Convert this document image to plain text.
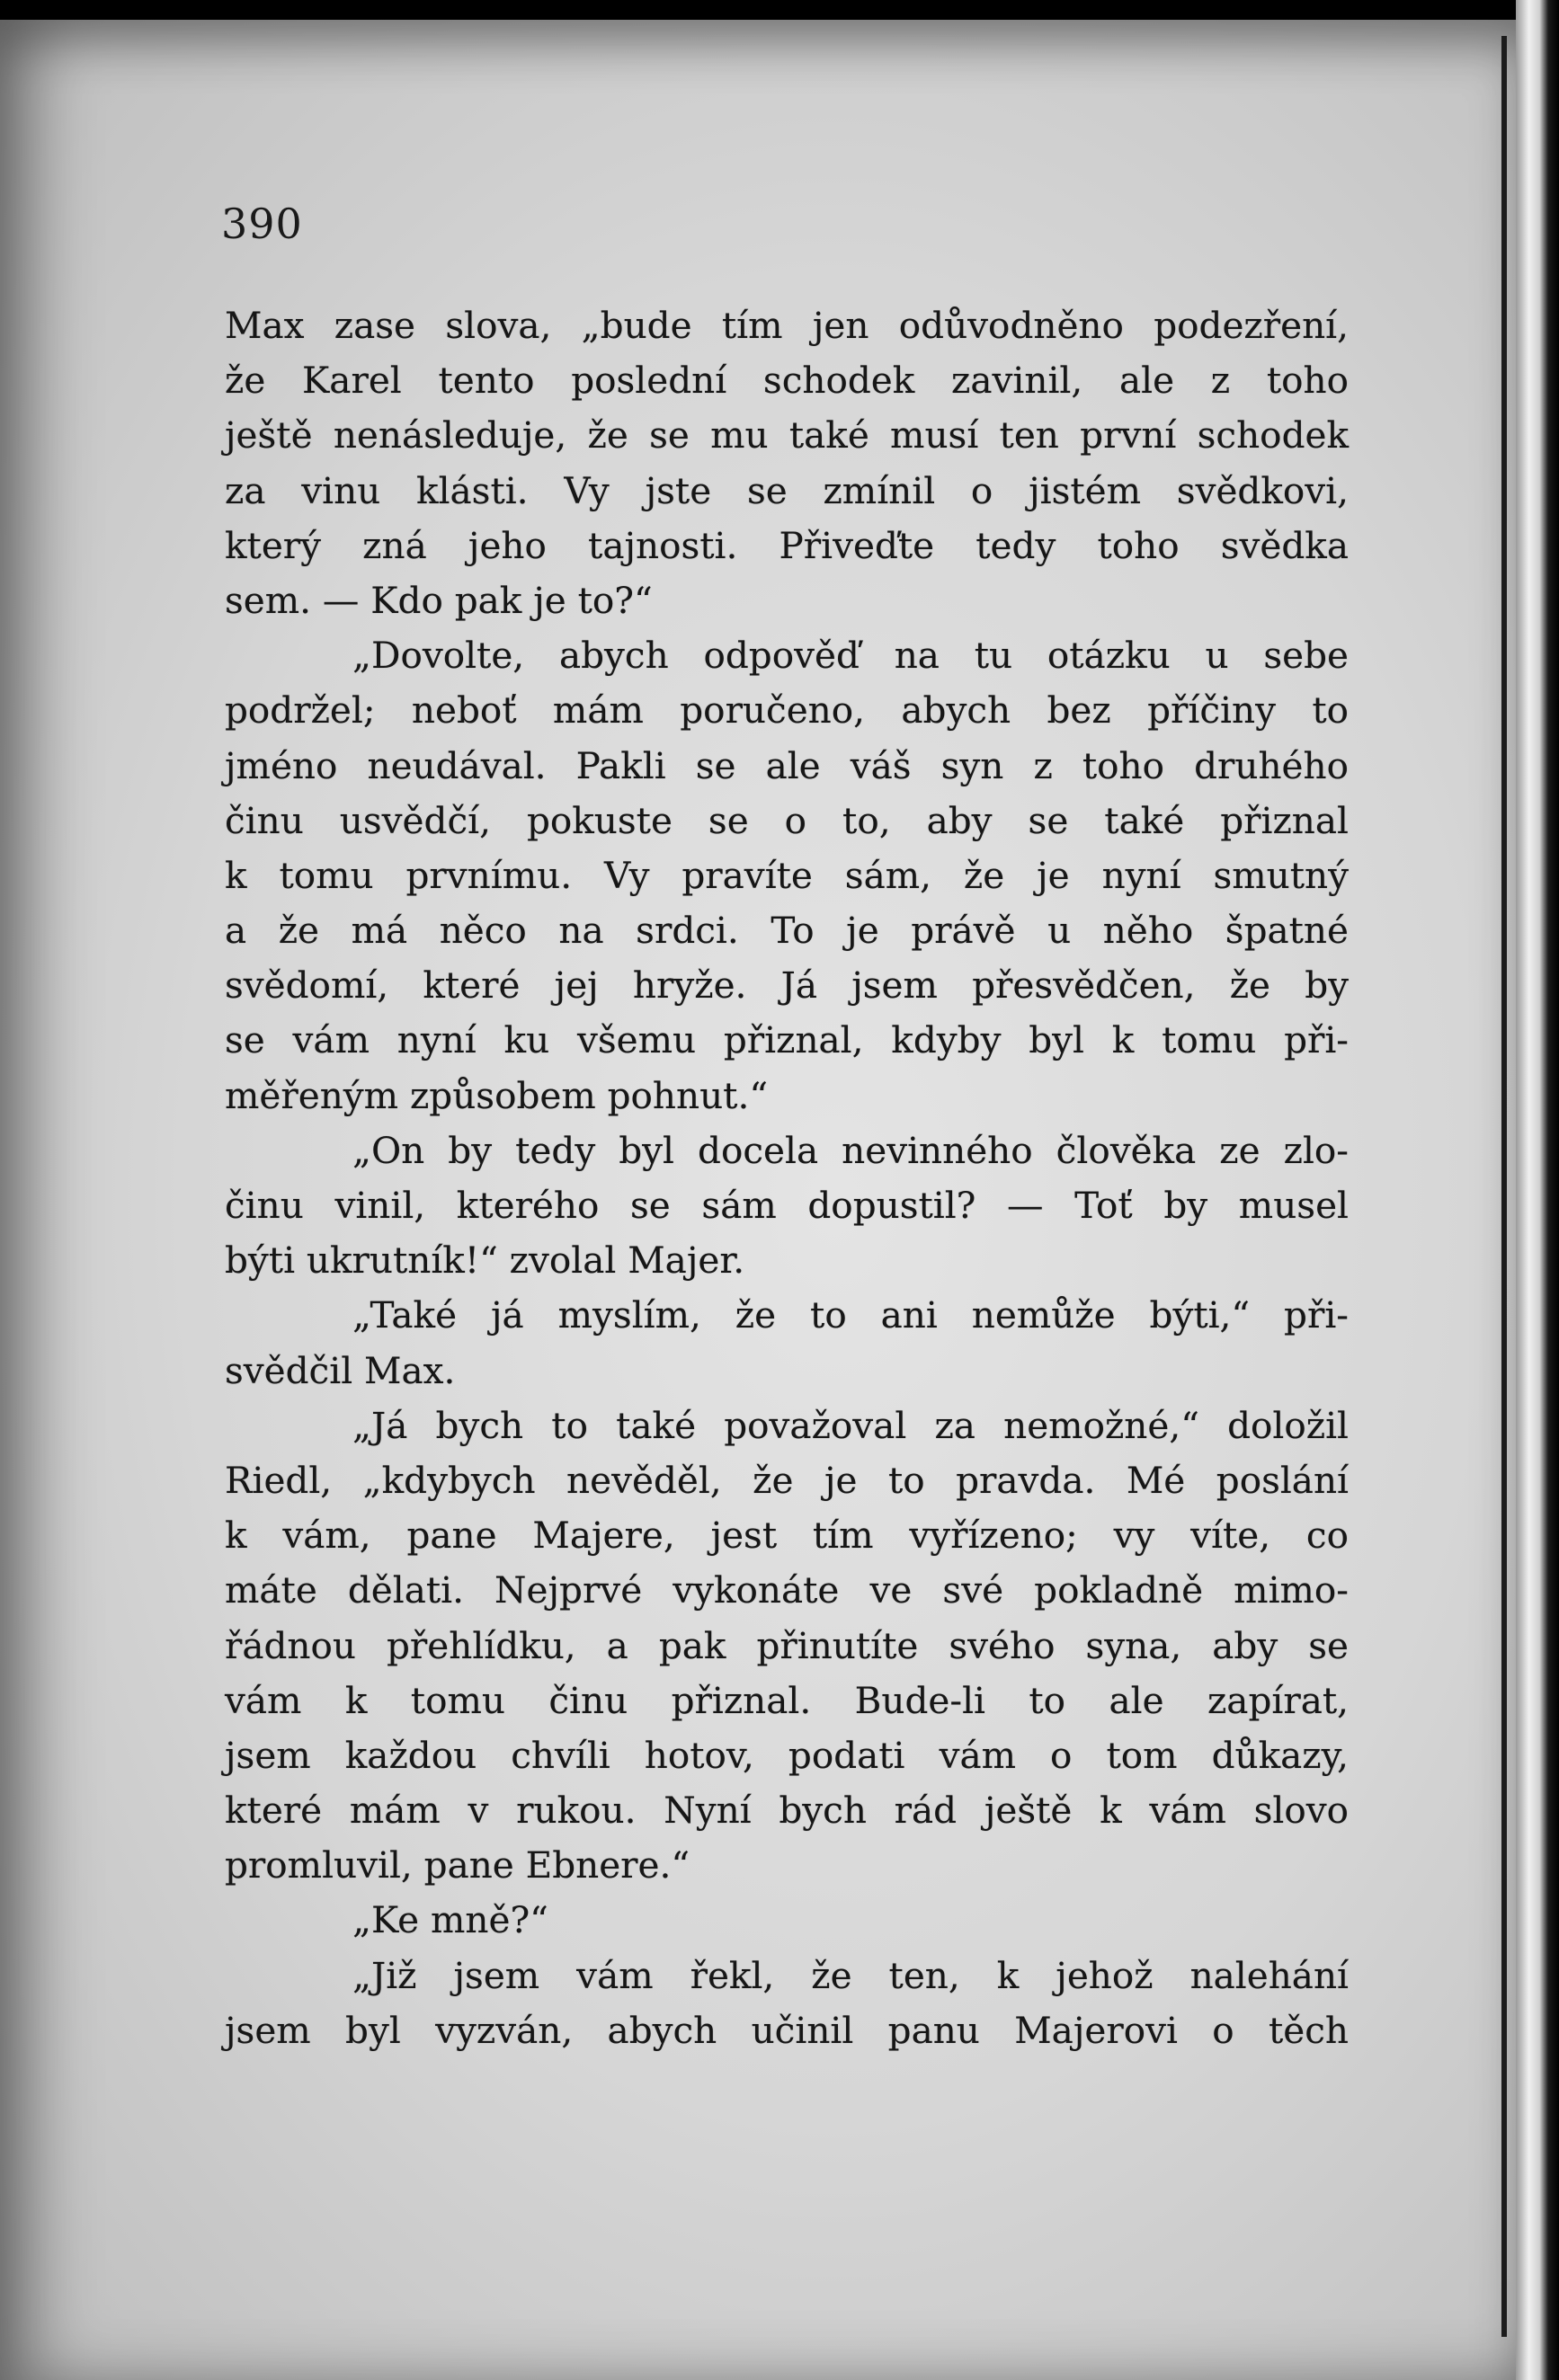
390
Max zase slova, „bude tím jen odůvodněno podezření,
že Karel tento poslední schodek zavinil, ale z toho
ještě nenásleduje, že se mu také musí ten první schodek
za vinu klásti. Vy jste se zmínil o jistém svědkovi,
který zná jeho tajnosti. Přiveďte tedy toho svědka
sem. — Kdo pak je to?“
„Dovolte, abych odpověď na tu otázku u sebe
podržel; neboť mám poručeno, abych bez příčiny to
jméno neudával. Pakli se ale váš syn z toho druhého
činu usvědčí, pokuste se o to, aby se také přiznal
k tomu prvnímu. Vy pravíte sám, že je nyní smutný
a že má něco na srdci. To je právě u něho špatné
svědomí, které jej hryže. Já jsem přesvědčen, že by
se vám nyní ku všemu přiznal, kdyby byl k tomu při-
měřeným způsobem pohnut.“
„On by tedy byl docela nevinného člověka ze zlo-
činu vinil, kterého se sám dopustil? — Toť by musel
býti ukrutník!“ zvolal Majer.
„Také já myslím, že to ani nemůže býti,“ při-
svědčil Max.
„Já bych to také považoval za nemožné,“ doložil
Riedl, „kdybych nevěděl, že je to pravda. Mé poslání
k vám, pane Majere, jest tím vyřízeno; vy víte, co
máte dělati. Nejprvé vykonáte ve své pokladně mimo-
řádnou přehlídku, a pak přinutíte svého syna, aby se
vám k tomu činu přiznal. Bude-li to ale zapírat,
jsem každou chvíli hotov, podati vám o tom důkazy,
které mám v rukou. Nyní bych rád ještě k vám slovo
promluvil, pane Ebnere.“
„Ke mně?“
„Již jsem vám řekl, že ten, k jehož nalehání
jsem byl vyzván, abych učinil panu Majerovi o těch
